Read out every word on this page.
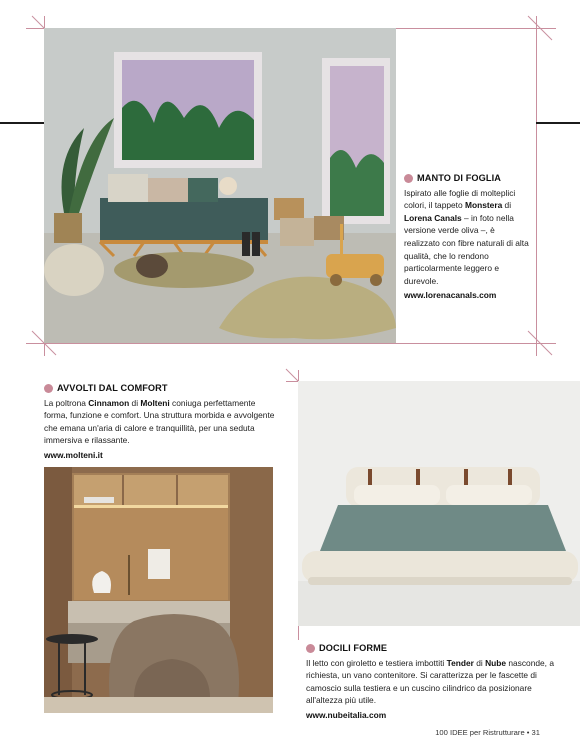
MANTO DI FOGLIA
Ispirato alle foglie di molteplici colori, il tappeto Monstera di Lorena Canals – in foto nella versione verde oliva –, è realizzato con fibre naturali di alta qualità, che lo rendono particolarmente leggero e durevole.
www.lorenacanals.com
AVVOLTI DAL COMFORT
La poltrona Cinnamon di Molteni coniuga perfettamente forma, funzione e comfort. Una struttura morbida e avvolgente che emana un'aria di calore e tranquillità, per una seduta immersiva e rilassante.
www.molteni.it
DOCILI FORME
Il letto con giroletto e testiera imbottiti Tender di Nube nasconde, a richiesta, un vano contenitore. Si caratterizza per le fascette di camoscio sulla testiera e un cuscino cilindrico da posizionare all'altezza più utile.
www.nubeitalia.com
100 IDEE per Ristrutturare • 31
